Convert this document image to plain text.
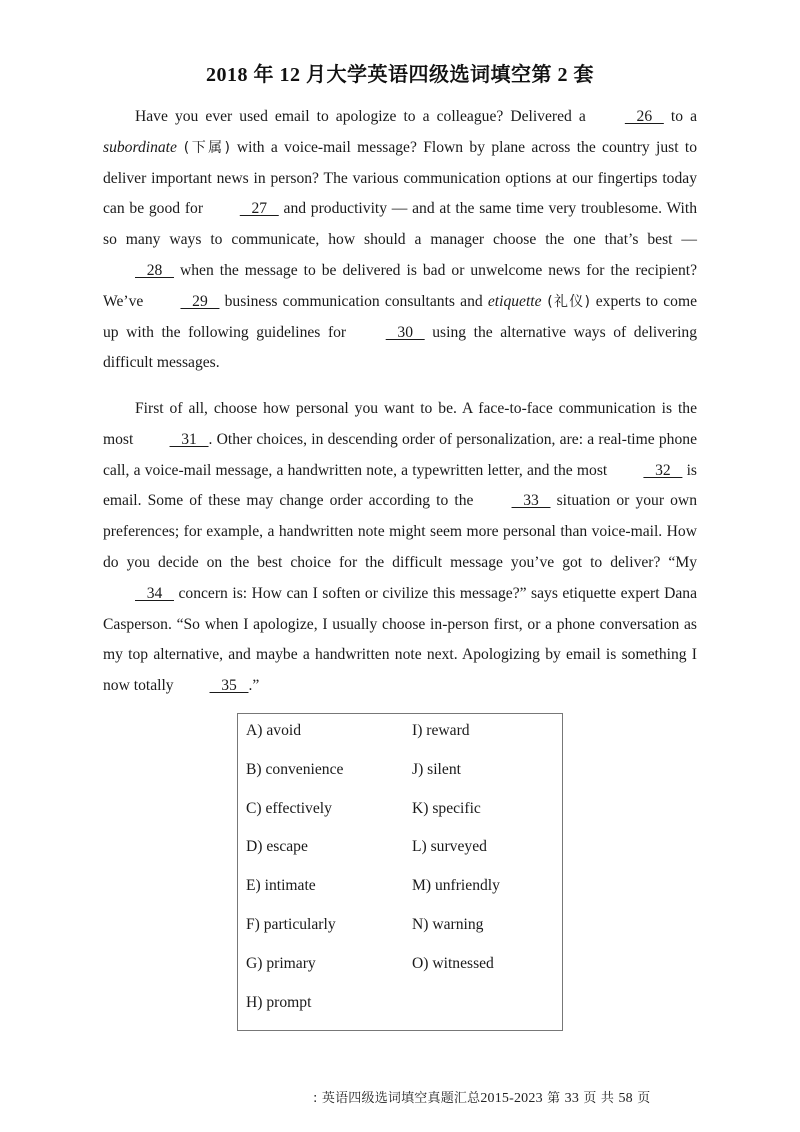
2018 年 12 月大学英语四级选词填空第 2 套

Have you ever used email to apologize to a colleague? Delivered a    26    to a subordinate (下属) with a voice-mail message? Flown by plane across the country just to deliver important news in person? The various communication options at our fingertips today can be good for    27    and productivity — and at the same time very troublesome. With so many ways to communicate, how should a manager choose the one that’s best —    28    when the message to be delivered is bad or unwelcome news for the recipient? We’ve    29    business communication consultants and etiquette (礼仪) experts to come up with the following guidelines for    30    using the alternative ways of delivering difficult messages.

First of all, choose how personal you want to be. A face-to-face communication is the most    31   . Other choices, in descending order of personalization, are: a real-time phone call, a voice-mail message, a handwritten note, a typewritten letter, and the most    32    is email. Some of these may change order according to the    33    situation or your own preferences; for example, a handwritten note might seem more personal than voice-mail. How do you decide on the best choice for the difficult message you’ve got to deliver? “My    34    concern is: How can I soften or civilize this message?” says etiquette expert Dana Casperson. “So when I apologize, I usually choose in-person first, or a phone conversation as my top alternative, and maybe a handwritten note next. Apologizing by email is something I now totally    35   .”

A) avoid	I) reward
B) convenience	J) silent
C) effectively	K) specific
D) escape	L) surveyed
E) intimate	M) unfriendly
F) particularly	N) warning
G) primary	O) witnessed
H) prompt
: 英语四级选词填空真题汇总2015-2023 第 33 页 共 58 页
